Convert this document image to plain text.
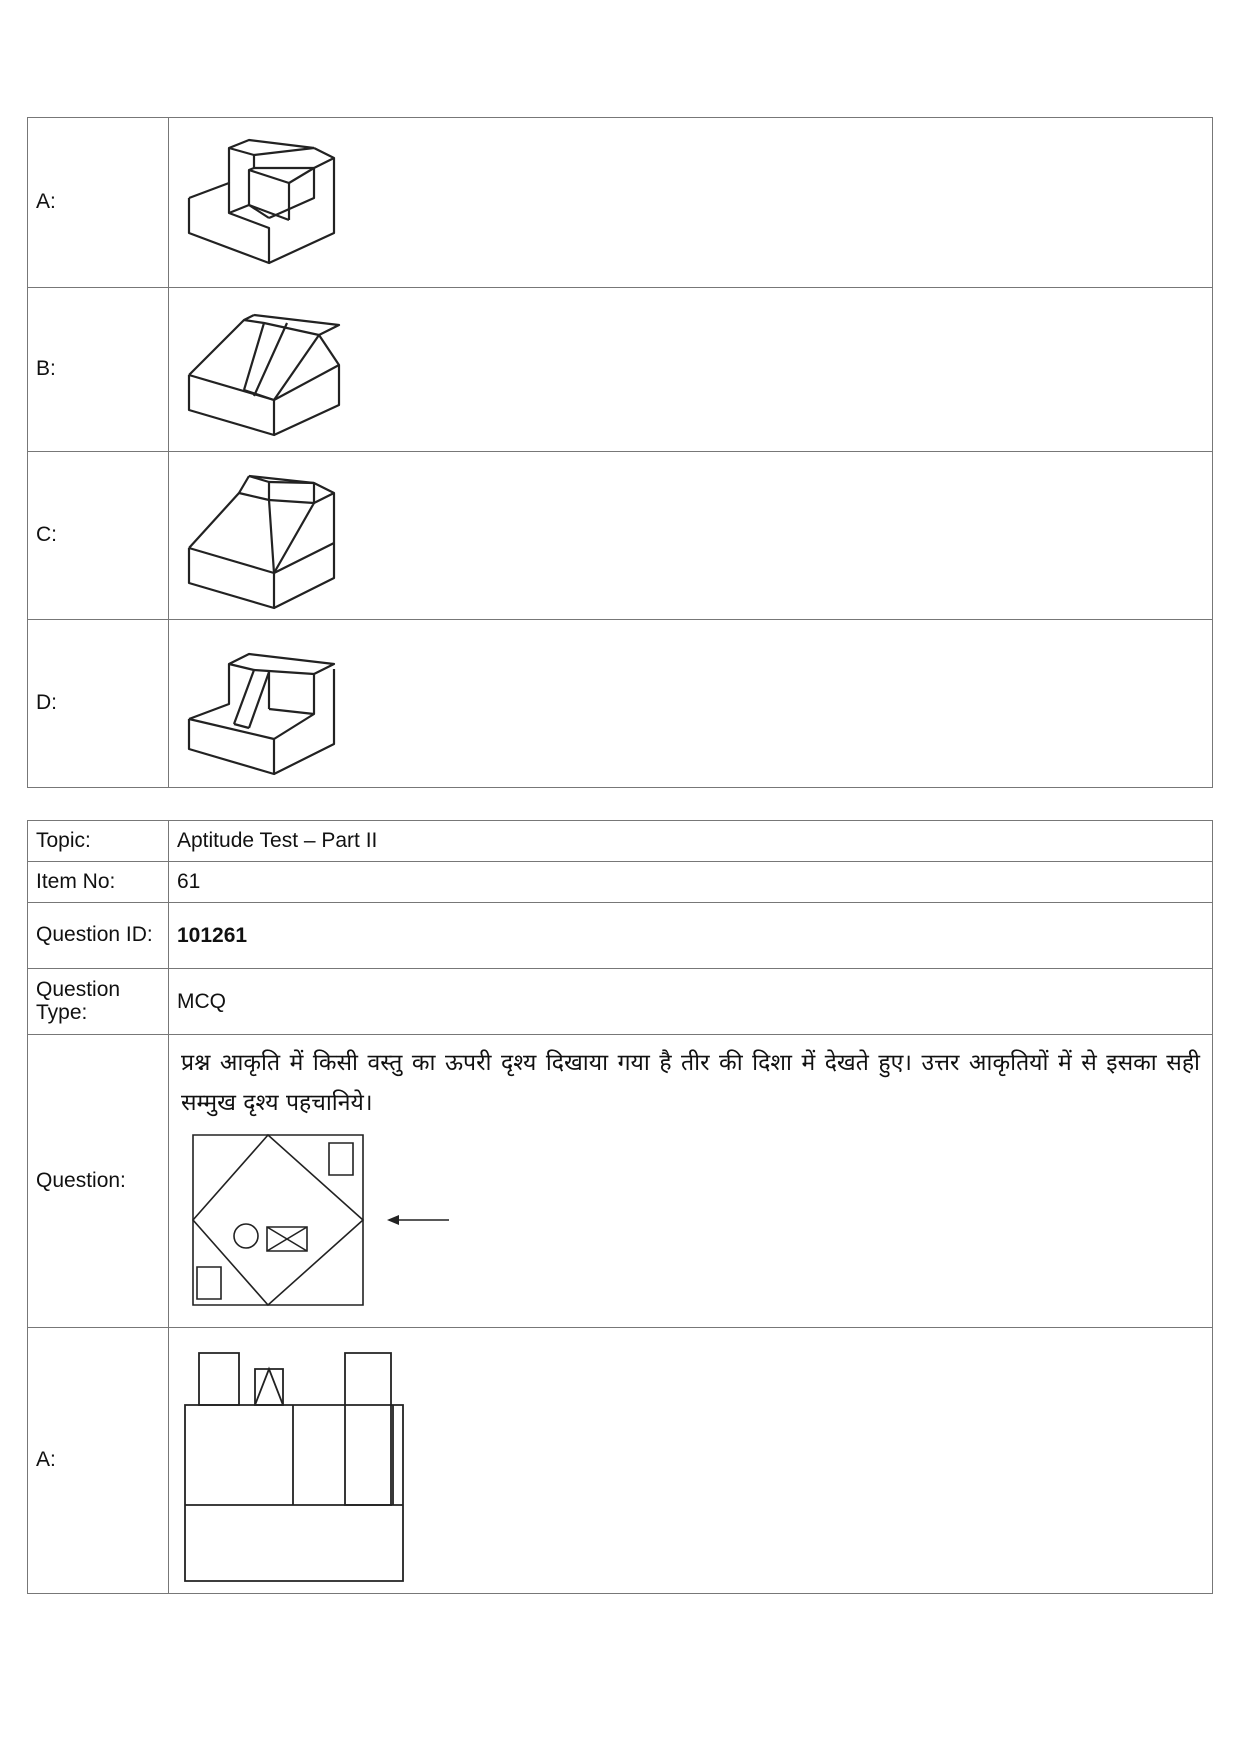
A:	

B:	

C:	

D:	
Topic:	Aptitude Test – Part II
Item No:	61
Question ID:	101261
Question Type:	MCQ
Question:	प्रश्न आकृति में किसी वस्तु का ऊपरी दृश्य दिखाया गया है तीर की दिशा में देखते हुए। उत्तर आकृतियों में से इसका सही सम्मुख दृश्य पहचानिये।

A:	
